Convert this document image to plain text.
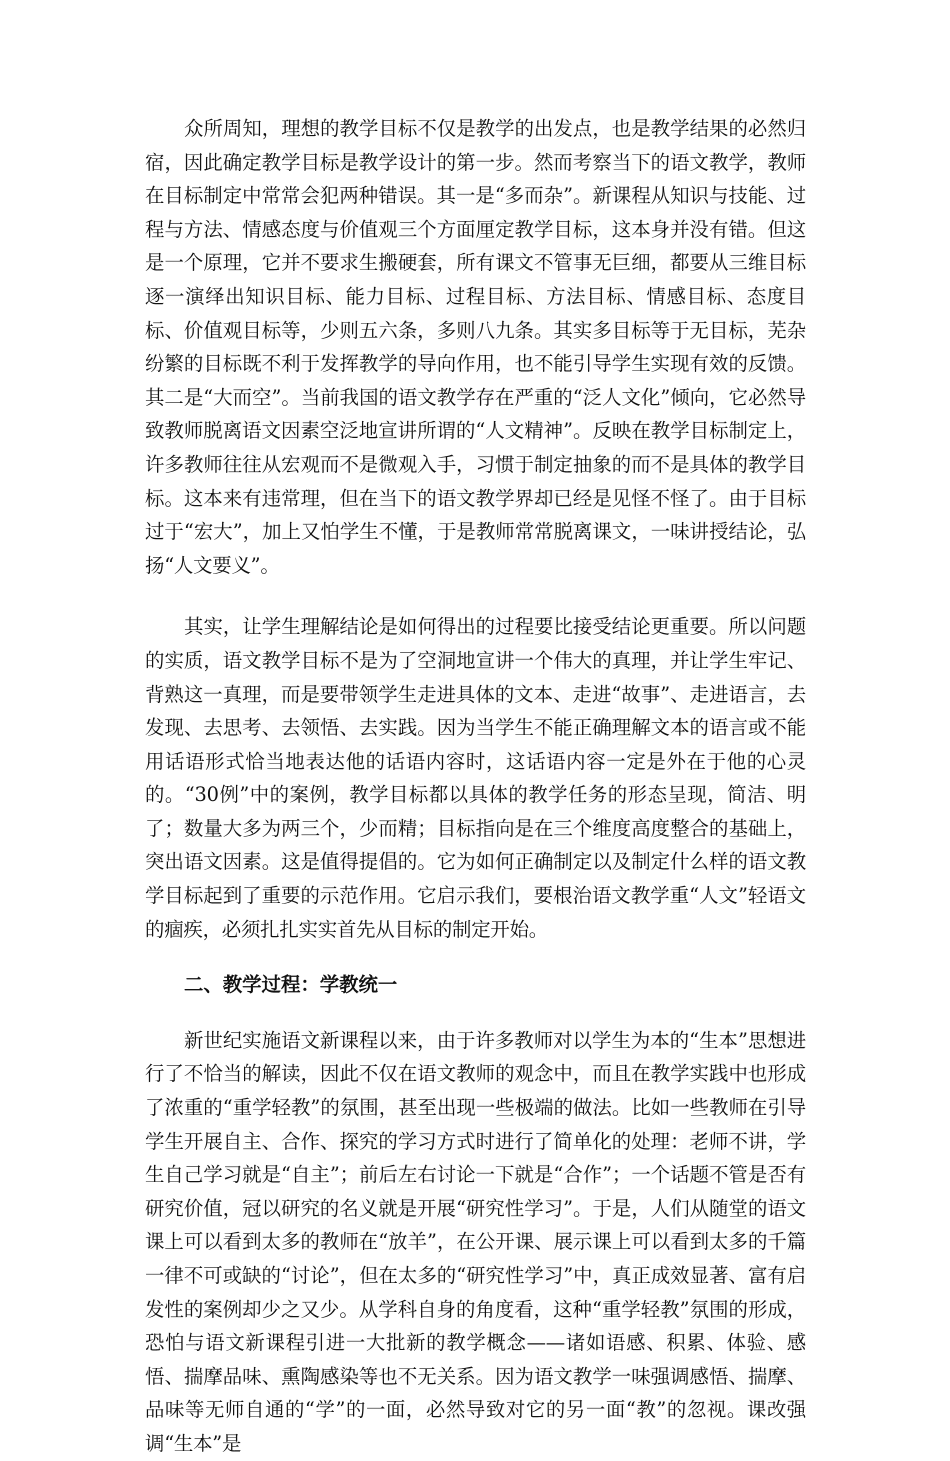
众所周知，理想的教学目标不仅是教学的出发点，也是教学结果的必然归宿，因此确定教学目标是教学设计的第一步。然而考察当下的语文教学，教师在目标制定中常常会犯两种错误。其一是“多而杂”。新课程从知识与技能、过程与方法、情感态度与价值观三个方面厘定教学目标，这本身并没有错。但这是一个原理，它并不要求生搬硬套，所有课文不管事无巨细，都要从三维目标逐一演绎出知识目标、能力目标、过程目标、方法目标、情感目标、态度目标、价值观目标等，少则五六条，多则八九条。其实多目标等于无目标，芜杂纷繁的目标既不利于发挥教学的导向作用，也不能引导学生实现有效的反馈。其二是“大而空”。当前我国的语文教学存在严重的“泛人文化”倾向，它必然导致教师脱离语文因素空泛地宣讲所谓的“人文精神”。反映在教学目标制定上，许多教师往往从宏观而不是微观入手，习惯于制定抽象的而不是具体的教学目标。这本来有违常理，但在当下的语文教学界却已经是见怪不怪了。由于目标过于“宏大”，加上又怕学生不懂，于是教师常常脱离课文，一味讲授结论，弘扬“人文要义”。

其实，让学生理解结论是如何得出的过程要比接受结论更重要。所以问题的实质，语文教学目标不是为了空洞地宣讲一个伟大的真理，并让学生牢记、背熟这一真理，而是要带领学生走进具体的文本、走进“故事”、走进语言，去发现、去思考、去领悟、去实践。因为当学生不能正确理解文本的语言或不能用话语形式恰当地表达他的话语内容时，这话语内容一定是外在于他的心灵的。“30例”中的案例，教学目标都以具体的教学任务的形态呈现，简洁、明了；数量大多为两三个，少而精；目标指向是在三个维度高度整合的基础上，突出语文因素。这是值得提倡的。它为如何正确制定以及制定什么样的语文教学目标起到了重要的示范作用。它启示我们，要根治语文教学重“人文”轻语文的痼疾，必须扎扎实实首先从目标的制定开始。

二、教学过程：学教统一

新世纪实施语文新课程以来，由于许多教师对以学生为本的“生本”思想进行了不恰当的解读，因此不仅在语文教师的观念中，而且在教学实践中也形成了浓重的“重学轻教”的氛围，甚至出现一些极端的做法。比如一些教师在引导学生开展自主、合作、探究的学习方式时进行了简单化的处理：老师不讲，学生自己学习就是“自主”；前后左右讨论一下就是“合作”；一个话题不管是否有研究价值，冠以研究的名义就是开展“研究性学习”。于是，人们从随堂的语文课上可以看到太多的教师在“放羊”，在公开课、展示课上可以看到太多的千篇一律不可或缺的“讨论”，但在太多的“研究性学习”中，真正成效显著、富有启发性的案例却少之又少。从学科自身的角度看，这种“重学轻教”氛围的形成，恐怕与语文新课程引进一大批新的教学概念——诸如语感、积累、体验、感悟、揣摩品味、熏陶感染等也不无关系。因为语文教学一味强调感悟、揣摩、品味等无师自通的“学”的一面，必然导致对它的另一面“教”的忽视。课改强调“生本”是
